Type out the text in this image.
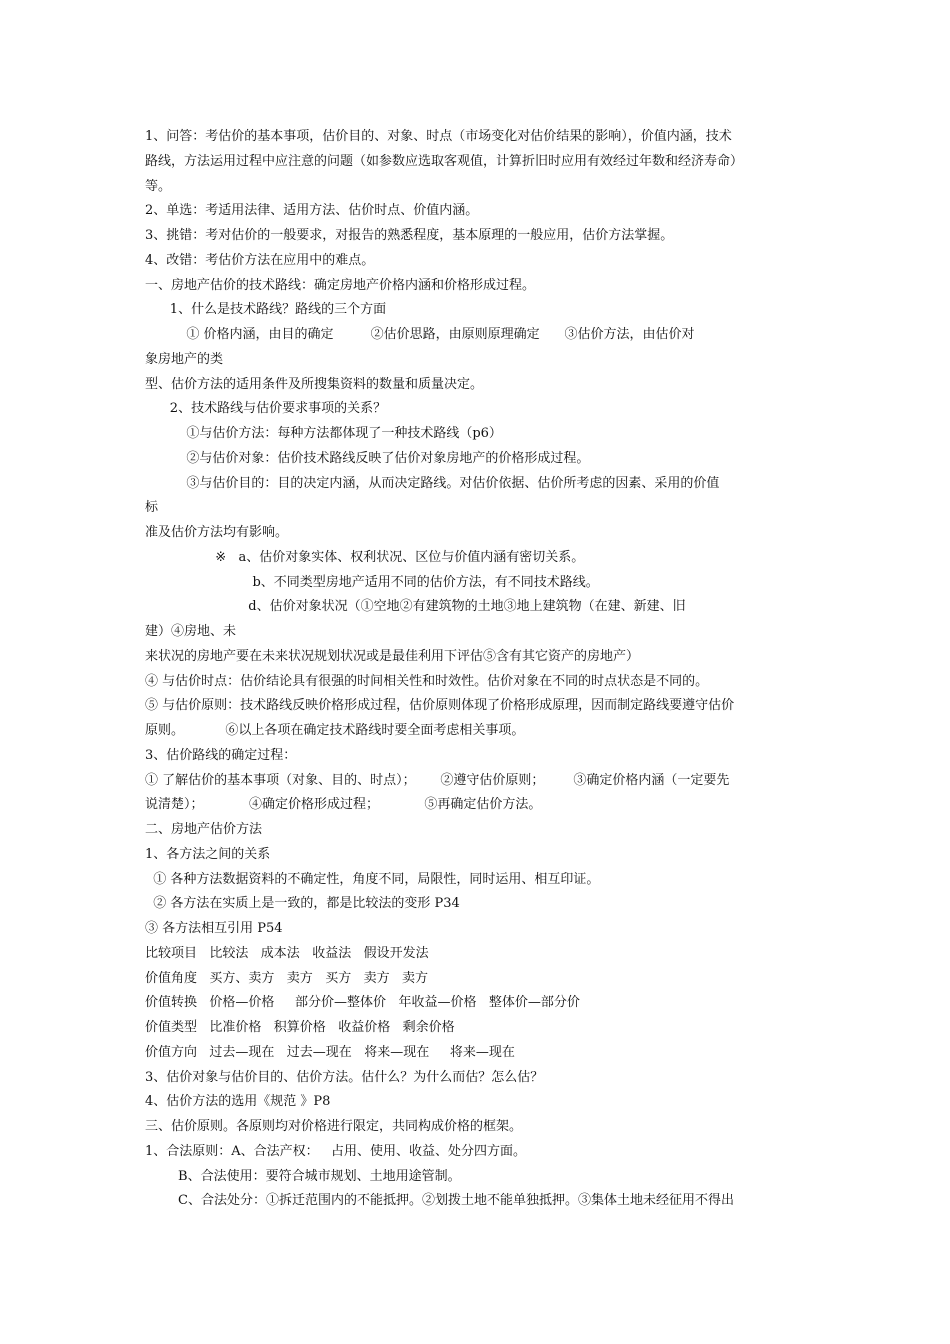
1、问答：考估价的基本事项，估价目的、对象、时点（市场变化对估价结果的影响），价值内涵，技术
路线，方法运用过程中应注意的问题（如参数应选取客观值，计算折旧时应用有效经过年数和经济寿命）
等。
2、单选：考适用法律、适用方法、估价时点、价值内涵。
3、挑错：考对估价的一般要求，对报告的熟悉程度，基本原理的一般应用，估价方法掌握。
4、改错：考估价方法在应用中的难点。
一、房地产估价的技术路线：确定房地产价格内涵和价格形成过程。
1、什么是技术路线？路线的三个方面
① 价格内涵，由目的确定         ②估价思路，由原则原理确定      ③估价方法，由估价对
象房地产的类
型、估价方法的适用条件及所搜集资料的数量和质量决定。
2、技术路线与估价要求事项的关系？
①与估价方法：每种方法都体现了一种技术路线（p6）
②与估价对象：估价技术路线反映了估价对象房地产的价格形成过程。
③与估价目的：目的决定内涵，从而决定路线。对估价依据、估价所考虑的因素、采用的价值
标
准及估价方法均有影响。
※   a、估价对象实体、权利状况、区位与价值内涵有密切关系。
b、不同类型房地产适用不同的估价方法，有不同技术路线。
d、估价对象状况（①空地②有建筑物的土地③地上建筑物（在建、新建、旧
建）④房地、未
来状况的房地产要在未来状况规划状况或是最佳利用下评估⑤含有其它资产的房地产）
④ 与估价时点：估价结论具有很强的时间相关性和时效性。估价对象在不同的时点状态是不同的。
⑤ 与估价原则：技术路线反映价格形成过程，估价原则体现了价格形成原理，因而制定路线要遵守估价
原则。          ⑥以上各项在确定技术路线时要全面考虑相关事项。
3、估价路线的确定过程：
① 了解估价的基本事项（对象、目的、时点）；      ②遵守估价原则；       ③确定价格内涵（一定要先
说清楚）；           ④确定价格形成过程；           ⑤再确定估价方法。
二、房地产估价方法
1、各方法之间的关系
① 各种方法数据资料的不确定性，角度不同，局限性，同时运用、相互印证。
② 各方法在实质上是一致的，都是比较法的变形 P34
③ 各方法相互引用 P54
比较项目   比较法   成本法   收益法   假设开发法
价值角度   买方、卖方   卖方   买方   卖方   卖方
价值转换   价格—价格     部分价—整体价   年收益—价格   整体价—部分价
价值类型   比准价格   积算价格   收益价格   剩余价格
价值方向   过去—现在   过去—现在   将来—现在     将来—现在
3、估价对象与估价目的、估价方法。估什么？为什么而估？怎么估？
4、估价方法的选用《规范 》P8
三、估价原则。各原则均对价格进行限定，共同构成价格的框架。
1、合法原则：A、合法产权：   占用、使用、收益、处分四方面。
B、合法使用：要符合城市规划、土地用途管制。
C、合法处分：①拆迁范围内的不能抵押。②划拨土地不能单独抵押。③集体土地未经征用不得出
